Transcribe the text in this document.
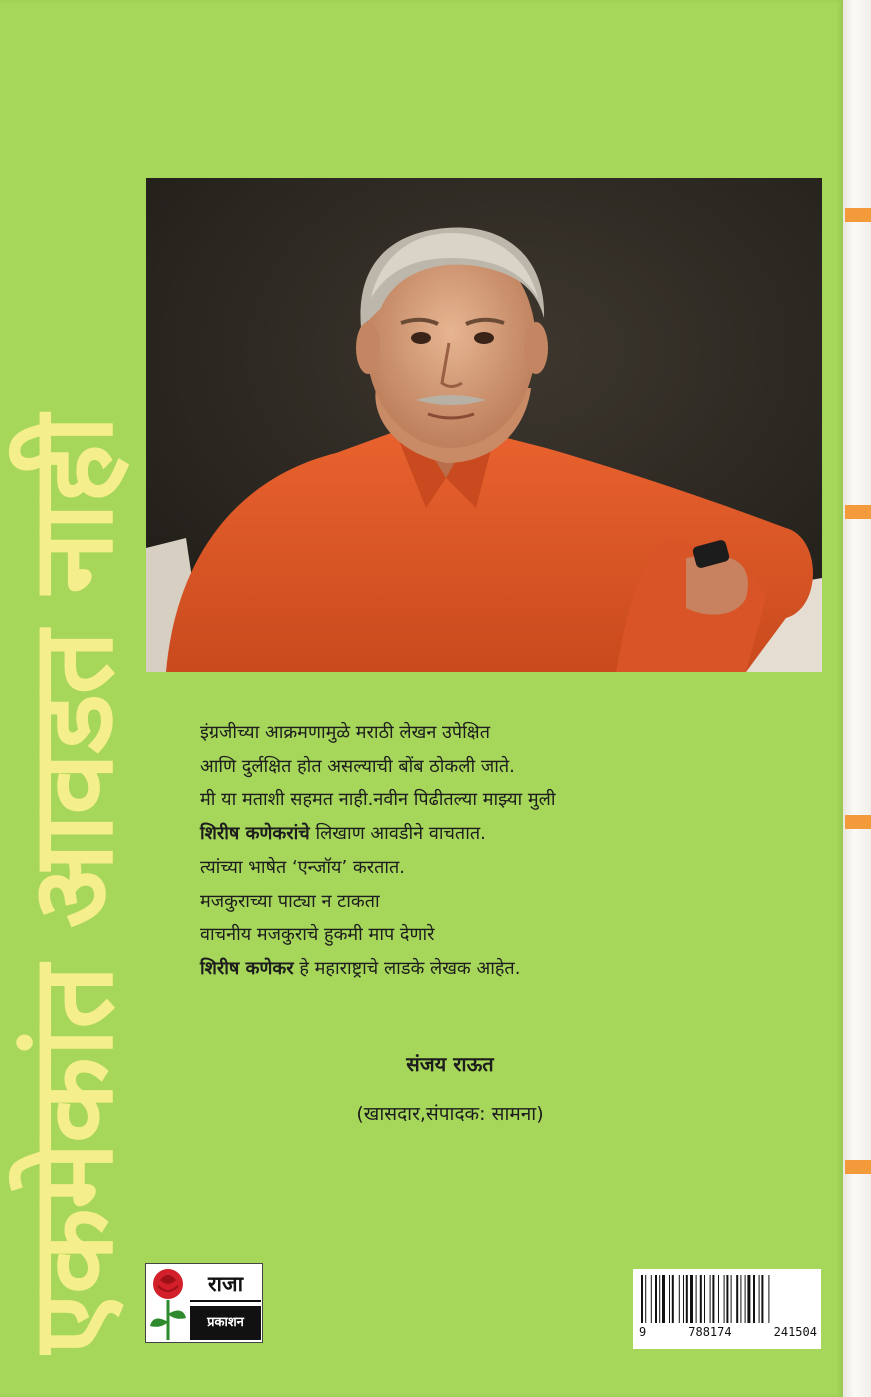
एकमेकांत आवडत नाही	इंग्रजीच्या आक्रमणामुळे मराठी लेखन उपेक्षित

आणि दुर्लक्षित होत असल्याची बोंब ठोकली जाते.

मी या मताशी सहमत नाही.नवीन पिढीतल्या माझ्या मुली

शिरीष कणेकरांचे लिखाण आवडीने वाचतात.

त्यांच्या भाषेत ‘एन्जॉय’ करतात.

मजकुराच्या पाट्या न टाकता

वाचनीय मजकुराचे हुकमी माप देणारे

शिरीष कणेकर हे महाराष्ट्राचे लाडके लेखक आहेत.

संजय राऊत
(खासदार,संपादक: सामना)
राजा
प्रकाशन
9	788174	241504
